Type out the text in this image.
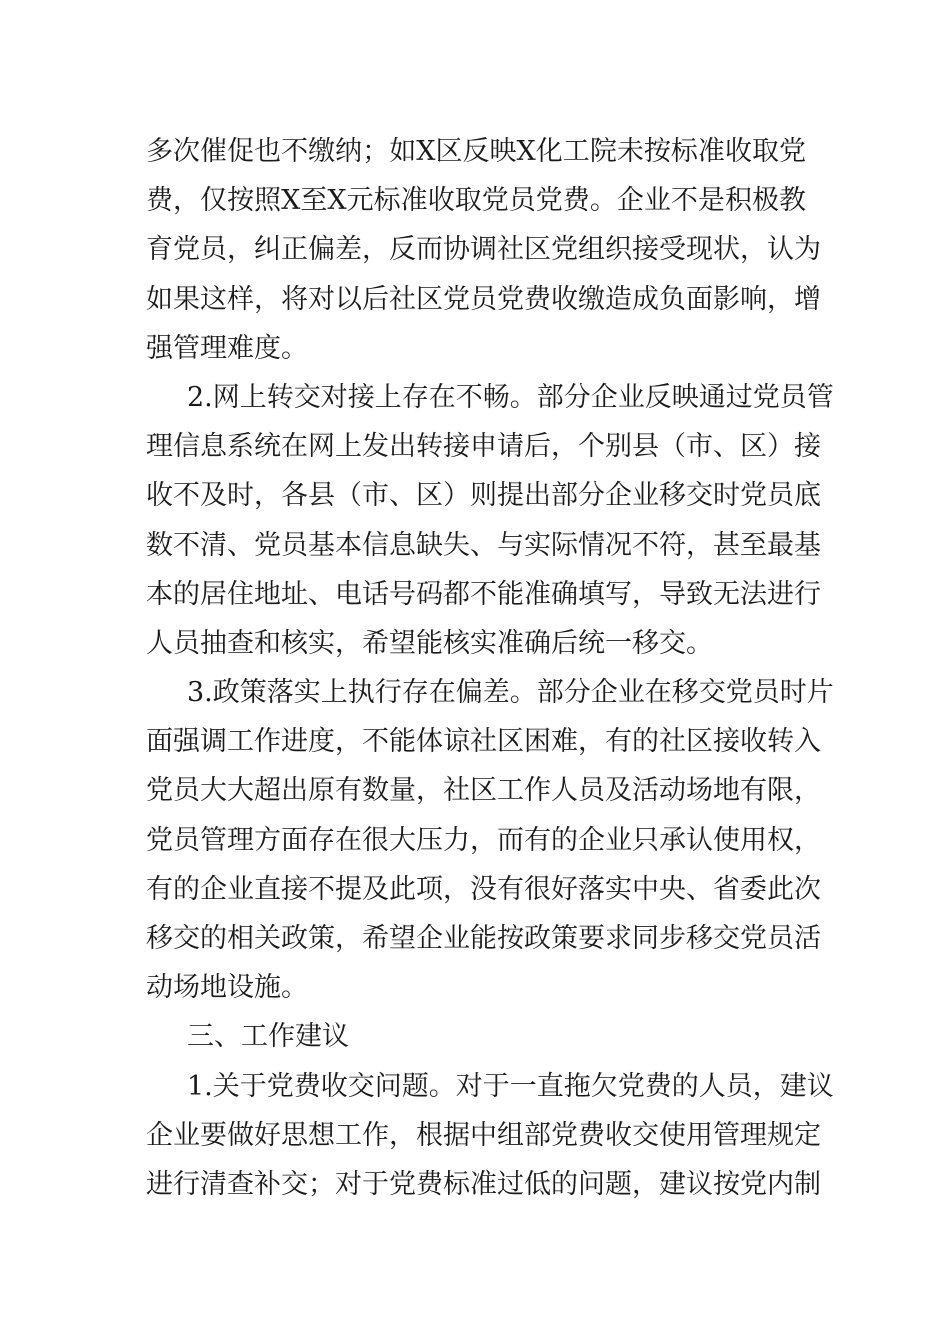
多次催促也不缴纳；如X区反映X化工院未按标准收取党
费，仅按照X至X元标准收取党员党费。企业不是积极教
育党员，纠正偏差，反而协调社区党组织接受现状，认为
如果这样，将对以后社区党员党费收缴造成负面影响，增
强管理难度。
2.网上转交对接上存在不畅。部分企业反映通过党员管
理信息系统在网上发出转接申请后，个别县（市、区）接
收不及时，各县（市、区）则提出部分企业移交时党员底
数不清、党员基本信息缺失、与实际情况不符，甚至最基
本的居住地址、电话号码都不能准确填写，导致无法进行
人员抽查和核实，希望能核实准确后统一移交。
3.政策落实上执行存在偏差。部分企业在移交党员时片
面强调工作进度，不能体谅社区困难，有的社区接收转入
党员大大超出原有数量，社区工作人员及活动场地有限，
党员管理方面存在很大压力，而有的企业只承认使用权，
有的企业直接不提及此项，没有很好落实中央、省委此次
移交的相关政策，希望企业能按政策要求同步移交党员活
动场地设施。
三、工作建议
1.关于党费收交问题。对于一直拖欠党费的人员，建议
企业要做好思想工作，根据中组部党费收交使用管理规定
进行清查补交；对于党费标准过低的问题，建议按党内制
